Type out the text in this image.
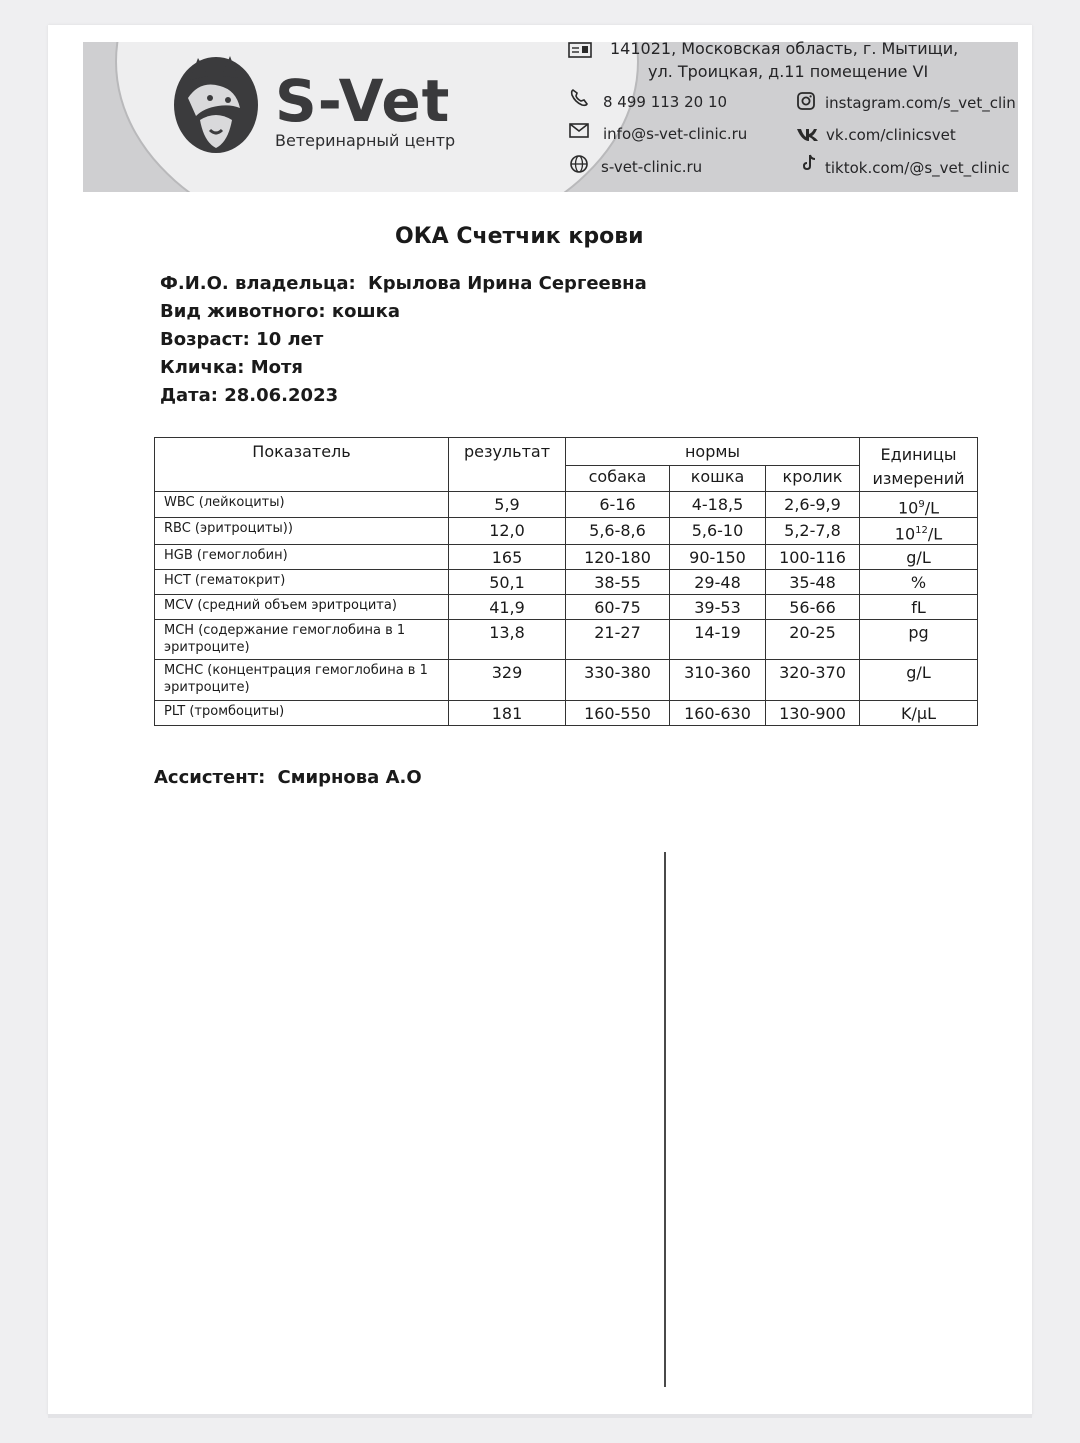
S-Vet
Ветеринарный центр
141021, Московская область, г. Мытищи,
ул. Троицкая, д.11 помещение VI
8 499 113 20 10
info@s-vet-clinic.ru
s-vet-clinic.ru
instagram.com/s_vet_clin
vk.com/clinicsvet
tiktok.com/@s_vet_clinic
ОКА Счетчик крови
Ф.И.О. владельца: Крылова Ирина Сергеевна
Вид животного: кошка
Возраст: 10 лет
Кличка: Мотя
Дата: 28.06.2023
Показатель	результат	нормы			Единицы измерений
		собака	кошка	кролик	
WBC (лейкоциты)	5,9	6-16	4-18,5	2,6-9,9	$10^9/L$
RBC (эритроциты))	12,0	5,6-8,6	5,6-10	5,2-7,8	$10^{12}/L$
HGB (гемоглобин)	165	120-180	90-150	100-116	g/L
HCT (гематокрит)	50,1	38-55	29-48	35-48	%
MCV (средний объем эритроцита)	41,9	60-75	39-53	56-66	fL
MCH (содержание гемоглобина в 1 эритроците)	13,8	21-27	14-19	20-25	pg
MCHC (концентрация гемоглобина в 1 эритроците)	329	330-380	310-360	320-370	g/L
PLT (тромбоциты)	181	160-550	160-630	130-900	K/μL
Ассистент: Смирнова А.О
